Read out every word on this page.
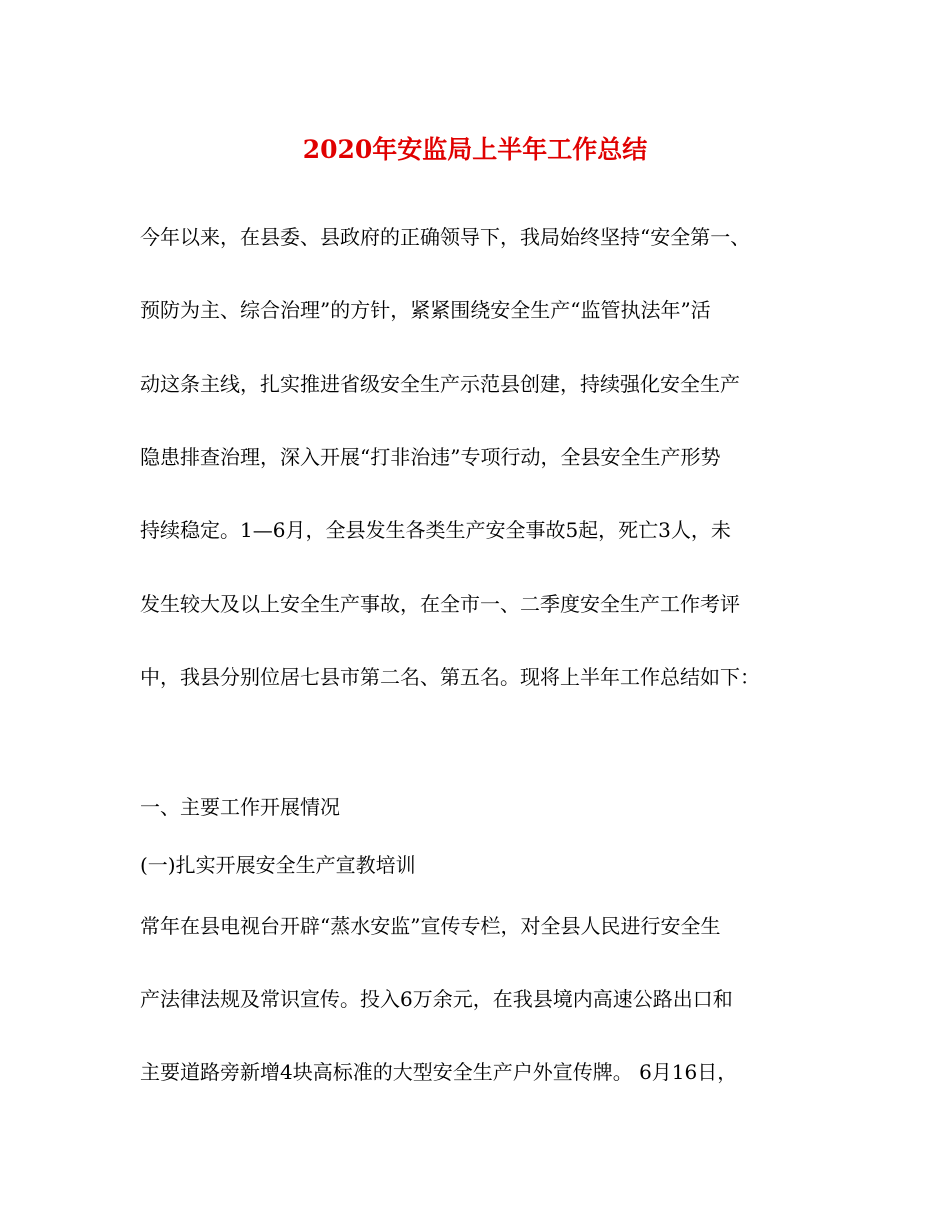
2020年安监局上半年工作总结

今年以来，在县委、县政府的正确领导下，我局始终坚持“安全第一、

预防为主、综合治理”的方针，紧紧围绕安全生产“监管执法年”活

动这条主线，扎实推进省级安全生产示范县创建，持续强化安全生产

隐患排查治理，深入开展“打非治违”专项行动，全县安全生产形势

持续稳定。1—6月，全县发生各类生产安全事故5起，死亡3人，未

发生较大及以上安全生产事故，在全市一、二季度安全生产工作考评

中，我县分别位居七县市第二名、第五名。现将上半年工作总结如下：

一、主要工作开展情况

(一)扎实开展安全生产宣教培训

常年在县电视台开辟“蒸水安监”宣传专栏，对全县人民进行安全生

产法律法规及常识宣传。投入6万余元，在我县境内高速公路出口和

主要道路旁新增4块高标准的大型安全生产户外宣传牌。 6月16日，
